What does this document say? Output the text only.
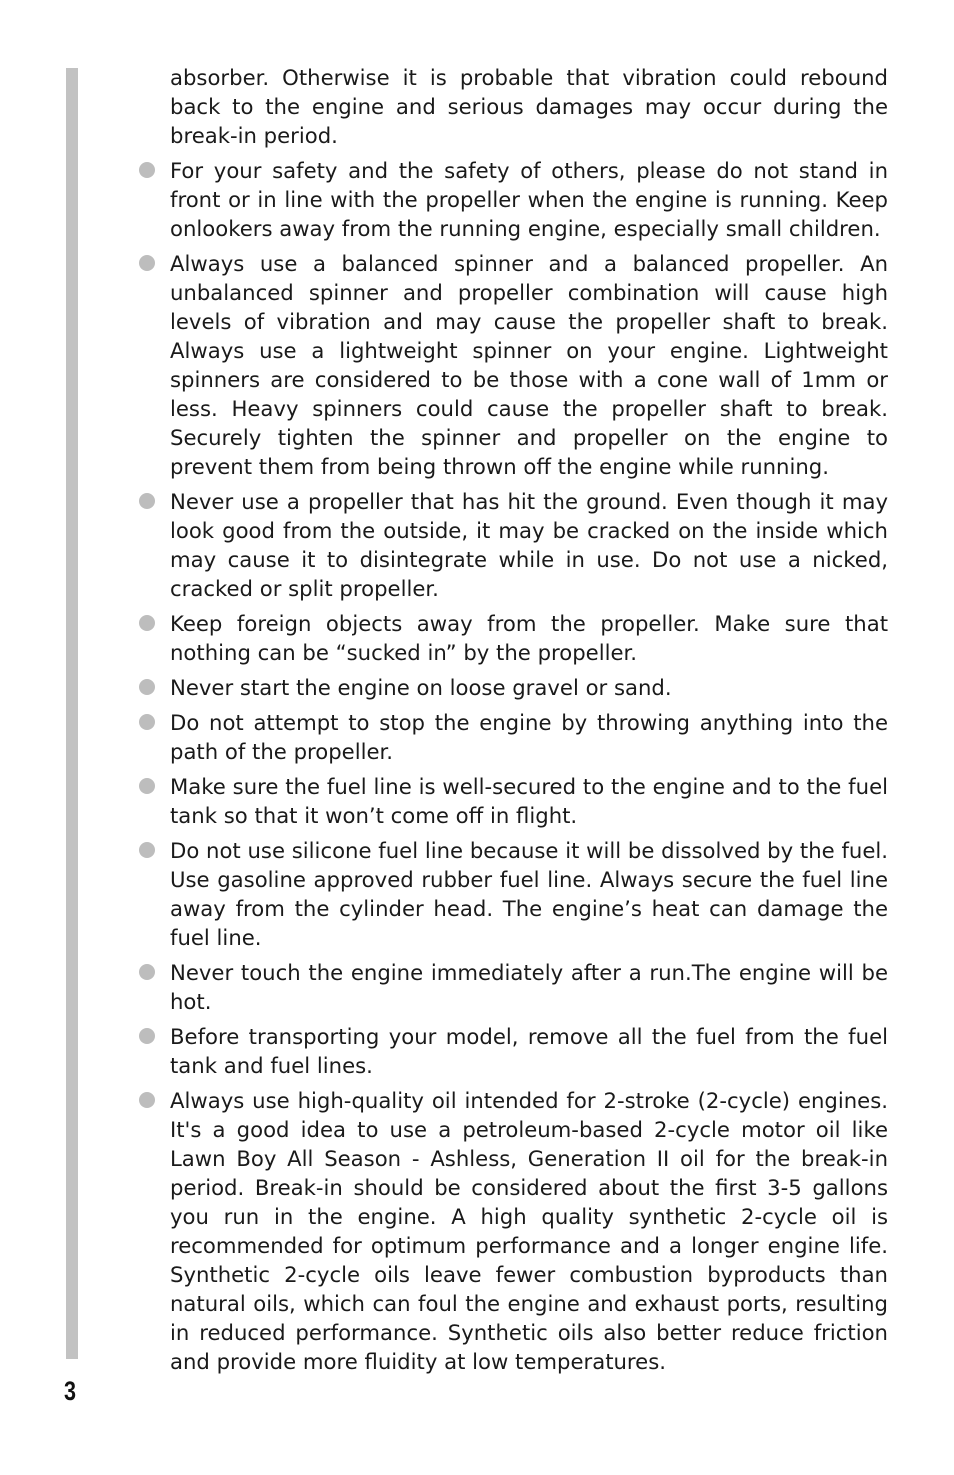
3

absorber. Otherwise it is probable that vibration could rebound back to the engine and serious damages may occur during the break-in period.

For your safety and the safety of others, please do not stand in front or in line with the propeller when the engine is running. Keep onlookers away from the running engine, especially small children.

Always use a balanced spinner and a balanced propeller. An unbalanced spinner and propeller combination will cause high levels of vibration and may cause the propeller shaft to break. Always use a lightweight spinner on your engine. Lightweight spinners are considered to be those with a cone wall of 1mm or less. Heavy spinners could cause the propeller shaft to break. Securely tighten the spinner and propeller on the engine to prevent them from being thrown off the engine while running.

Never use a propeller that has hit the ground. Even though it may look good from the outside, it may be cracked on the inside which may cause it to disintegrate while in use. Do not use a nicked, cracked or split propeller.

Keep foreign objects away from the propeller. Make sure that nothing can be “sucked in” by the propeller.

Never start the engine on loose gravel or sand.

Do not attempt to stop the engine by throwing anything into the path of the propeller.

Make sure the fuel line is well-secured to the engine and to the fuel tank so that it won’t come off in flight.

Do not use silicone fuel line because it will be dissolved by the fuel. Use gasoline approved rubber fuel line. Always secure the fuel line away from the cylinder head. The engine’s heat can damage the fuel line.

Never touch the engine immediately after a run.The engine will be hot.

Before transporting your model, remove all the fuel from the fuel tank and fuel lines.

Always use high-quality oil intended for 2-stroke (2-cycle) engines. It's a good idea to use a petroleum-based 2-cycle motor oil like Lawn Boy All Season - Ashless, Generation II oil for the break-in period. Break-in should be considered about the first 3-5 gallons you run in the engine. A high quality synthetic 2-cycle oil is recommended for optimum performance and a longer engine life. Synthetic 2-cycle oils leave fewer combustion byproducts than natural oils, which can foul the engine and exhaust ports, resulting in reduced performance. Synthetic oils also better reduce friction and provide more fluidity at low temperatures.
